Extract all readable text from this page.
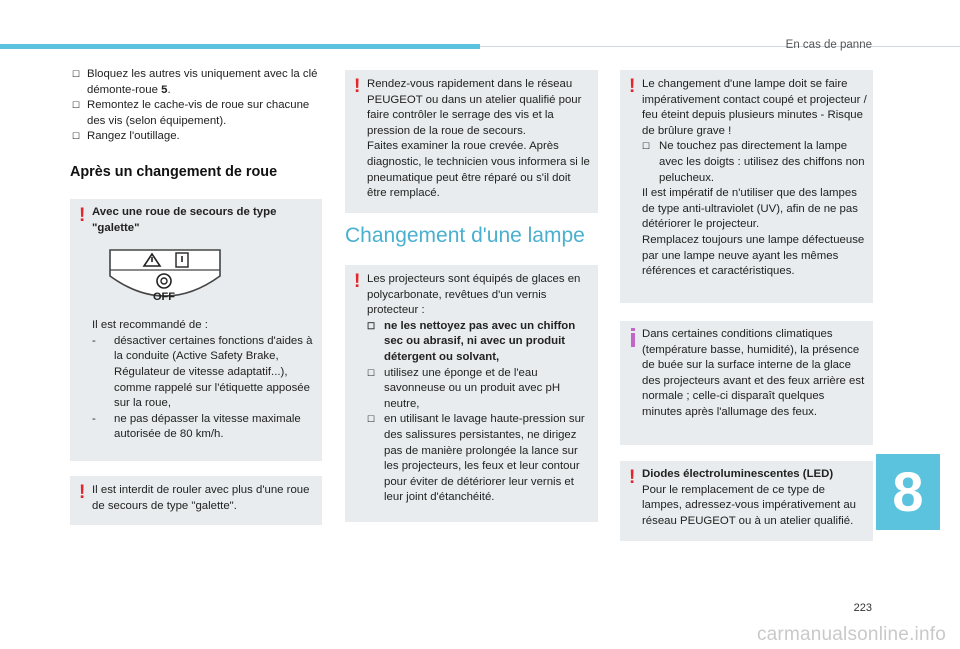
En cas de panne
☐ Bloquez les autres vis uniquement avec la clé démonte-roue 5.
☐ Remontez le cache-vis de roue sur chacune des vis (selon équipement).
☐ Rangez l'outillage.
Après un changement de roue
! Avec une roue de secours de type "galette"
OFF
Il est recommandé de :
- désactiver certaines fonctions d'aides à la conduite (Active Safety Brake, Régulateur de vitesse adaptatif...), comme rappelé sur l'étiquette apposée sur la roue,
- ne pas dépasser la vitesse maximale autorisée de 80 km/h.
! Il est interdit de rouler avec plus d'une roue de secours de type "galette".
! Rendez-vous rapidement dans le réseau PEUGEOT ou dans un atelier qualifié pour faire contrôler le serrage des vis et la pression de la roue de secours.
Faites examiner la roue crevée. Après diagnostic, le technicien vous informera si le pneumatique peut être réparé ou s'il doit être remplacé.
Changement d'une lampe
! Les projecteurs sont équipés de glaces en polycarbonate, revêtues d'un vernis protecteur :
☐ ne les nettoyez pas avec un chiffon sec ou abrasif, ni avec un produit détergent ou solvant,
☐ utilisez une éponge et de l'eau savonneuse ou un produit avec pH neutre,
☐ en utilisant le lavage haute-pression sur des salissures persistantes, ne dirigez pas de manière prolongée la lance sur les projecteurs, les feux et leur contour pour éviter de détériorer leur vernis et leur joint d'étanchéité.
! Le changement d'une lampe doit se faire impérativement contact coupé et projecteur / feu éteint depuis plusieurs minutes - Risque de brûlure grave !
☐ Ne touchez pas directement la lampe avec les doigts : utilisez des chiffons non pelucheux.
Il est impératif de n'utiliser que des lampes de type anti-ultraviolet (UV), afin de ne pas détériorer le projecteur.
Remplacez toujours une lampe défectueuse par une lampe neuve ayant les mêmes références et caractéristiques.
Dans certaines conditions climatiques (température basse, humidité), la présence de buée sur la surface interne de la glace des projecteurs avant et des feux arrière est normale ; celle-ci disparaît quelques minutes après l'allumage des feux.
! Diodes électroluminescentes (LED)
Pour le remplacement de ce type de lampes, adressez-vous impérativement au réseau PEUGEOT ou à un atelier qualifié. 8
223
carmanualsonline.info
